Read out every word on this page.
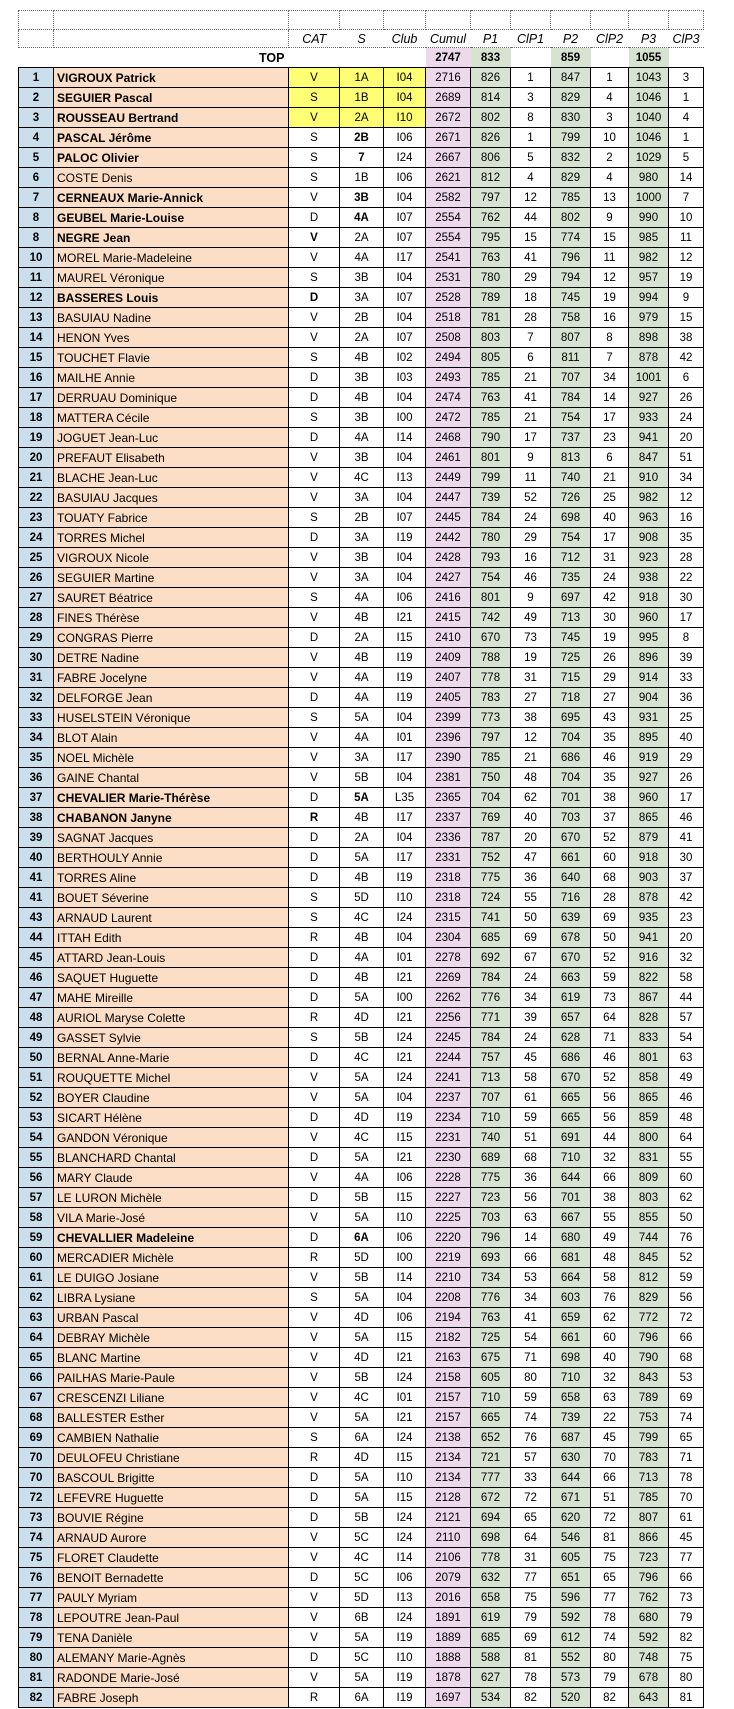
		CAT	S	Club	Cumul	P1	ClP1	P2	ClP2	P3	ClP3
	TOP				2747	833		859		1055	
1	VIGROUX Patrick	V	1A	I04	2716	826	1	847	1	1043	3
2	SEGUIER Pascal	S	1B	I04	2689	814	3	829	4	1046	1
3	ROUSSEAU Bertrand	V	2A	I10	2672	802	8	830	3	1040	4
4	PASCAL Jérôme	S	2B	I06	2671	826	1	799	10	1046	1
5	PALOC Olivier	S	7	I24	2667	806	5	832	2	1029	5
6	COSTE Denis	S	1B	I06	2621	812	4	829	4	980	14
7	CERNEAUX Marie-Annick	V	3B	I04	2582	797	12	785	13	1000	7
8	GEUBEL Marie-Louise	D	4A	I07	2554	762	44	802	9	990	10
8	NEGRE Jean	V	2A	I07	2554	795	15	774	15	985	11
10	MOREL Marie-Madeleine	V	4A	I17	2541	763	41	796	11	982	12
11	MAUREL Véronique	S	3B	I04	2531	780	29	794	12	957	19
12	BASSERES Louis	D	3A	I07	2528	789	18	745	19	994	9
13	BASUIAU Nadine	V	2B	I04	2518	781	28	758	16	979	15
14	HENON Yves	V	2A	I07	2508	803	7	807	8	898	38
15	TOUCHET Flavie	S	4B	I02	2494	805	6	811	7	878	42
16	MAILHE Annie	D	3B	I03	2493	785	21	707	34	1001	6
17	DERRUAU Dominique	D	4B	I04	2474	763	41	784	14	927	26
18	MATTERA Cécile	S	3B	I00	2472	785	21	754	17	933	24
19	JOGUET Jean-Luc	D	4A	I14	2468	790	17	737	23	941	20
20	PREFAUT Elisabeth	V	3B	I04	2461	801	9	813	6	847	51
21	BLACHE Jean-Luc	V	4C	I13	2449	799	11	740	21	910	34
22	BASUIAU Jacques	V	3A	I04	2447	739	52	726	25	982	12
23	TOUATY Fabrice	S	2B	I07	2445	784	24	698	40	963	16
24	TORRES Michel	D	3A	I19	2442	780	29	754	17	908	35
25	VIGROUX Nicole	V	3B	I04	2428	793	16	712	31	923	28
26	SEGUIER Martine	V	3A	I04	2427	754	46	735	24	938	22
27	SAURET Béatrice	S	4A	I06	2416	801	9	697	42	918	30
28	FINES Thérèse	V	4B	I21	2415	742	49	713	30	960	17
29	CONGRAS Pierre	D	2A	I15	2410	670	73	745	19	995	8
30	DETRE Nadine	V	4B	I19	2409	788	19	725	26	896	39
31	FABRE Jocelyne	V	4A	I19	2407	778	31	715	29	914	33
32	DELFORGE Jean	D	4A	I19	2405	783	27	718	27	904	36
33	HUSELSTEIN Véronique	S	5A	I04	2399	773	38	695	43	931	25
34	BLOT Alain	V	4A	I01	2396	797	12	704	35	895	40
35	NOEL Michèle	V	3A	I17	2390	785	21	686	46	919	29
36	GAINE Chantal	V	5B	I04	2381	750	48	704	35	927	26
37	CHEVALIER Marie-Thérèse	D	5A	L35	2365	704	62	701	38	960	17
38	CHABANON Janyne	R	4B	I17	2337	769	40	703	37	865	46
39	SAGNAT Jacques	D	2A	I04	2336	787	20	670	52	879	41
40	BERTHOULY Annie	D	5A	I17	2331	752	47	661	60	918	30
41	TORRES Aline	D	4B	I19	2318	775	36	640	68	903	37
41	BOUET Séverine	S	5D	I10	2318	724	55	716	28	878	42
43	ARNAUD Laurent	S	4C	I24	2315	741	50	639	69	935	23
44	ITTAH Edith	R	4B	I04	2304	685	69	678	50	941	20
45	ATTARD Jean-Louis	D	4A	I01	2278	692	67	670	52	916	32
46	SAQUET Huguette	D	4B	I21	2269	784	24	663	59	822	58
47	MAHE Mireille	D	5A	I00	2262	776	34	619	73	867	44
48	AURIOL Maryse Colette	R	4D	I21	2256	771	39	657	64	828	57
49	GASSET Sylvie	S	5B	I24	2245	784	24	628	71	833	54
50	BERNAL Anne-Marie	D	4C	I21	2244	757	45	686	46	801	63
51	ROUQUETTE Michel	V	5A	I24	2241	713	58	670	52	858	49
52	BOYER Claudine	V	5A	I04	2237	707	61	665	56	865	46
53	SICART Hélène	D	4D	I19	2234	710	59	665	56	859	48
54	GANDON Véronique	V	4C	I15	2231	740	51	691	44	800	64
55	BLANCHARD Chantal	D	5A	I21	2230	689	68	710	32	831	55
56	MARY Claude	V	4A	I06	2228	775	36	644	66	809	60
57	LE LURON Michèle	D	5B	I15	2227	723	56	701	38	803	62
58	VILA Marie-José	V	5A	I10	2225	703	63	667	55	855	50
59	CHEVALLIER Madeleine	D	6A	I06	2220	796	14	680	49	744	76
60	MERCADIER Michèle	R	5D	I00	2219	693	66	681	48	845	52
61	LE DUIGO Josiane	V	5B	I14	2210	734	53	664	58	812	59
62	LIBRA Lysiane	S	5A	I04	2208	776	34	603	76	829	56
63	URBAN Pascal	V	4D	I06	2194	763	41	659	62	772	72
64	DEBRAY Michèle	V	5A	I15	2182	725	54	661	60	796	66
65	BLANC Martine	V	4D	I21	2163	675	71	698	40	790	68
66	PAILHAS Marie-Paule	V	5B	I24	2158	605	80	710	32	843	53
67	CRESCENZI Liliane	V	4C	I01	2157	710	59	658	63	789	69
68	BALLESTER Esther	V	5A	I21	2157	665	74	739	22	753	74
69	CAMBIEN Nathalie	S	6A	I24	2138	652	76	687	45	799	65
70	DEULOFEU Christiane	R	4D	I15	2134	721	57	630	70	783	71
70	BASCOUL Brigitte	D	5A	I10	2134	777	33	644	66	713	78
72	LEFEVRE Huguette	D	5A	I15	2128	672	72	671	51	785	70
73	BOUVIE Régine	D	5B	I24	2121	694	65	620	72	807	61
74	ARNAUD Aurore	V	5C	I24	2110	698	64	546	81	866	45
75	FLORET Claudette	V	4C	I14	2106	778	31	605	75	723	77
76	BENOIT Bernadette	D	5C	I06	2079	632	77	651	65	796	66
77	PAULY Myriam	V	5D	I13	2016	658	75	596	77	762	73
78	LEPOUTRE Jean-Paul	V	6B	I24	1891	619	79	592	78	680	79
79	TENA Danièle	V	5A	I19	1889	685	69	612	74	592	82
80	ALEMANY Marie-Agnès	D	5C	I10	1888	588	81	552	80	748	75
81	RADONDE Marie-José	V	5A	I19	1878	627	78	573	79	678	80
82	FABRE Joseph	R	6A	I19	1697	534	82	520	82	643	81
